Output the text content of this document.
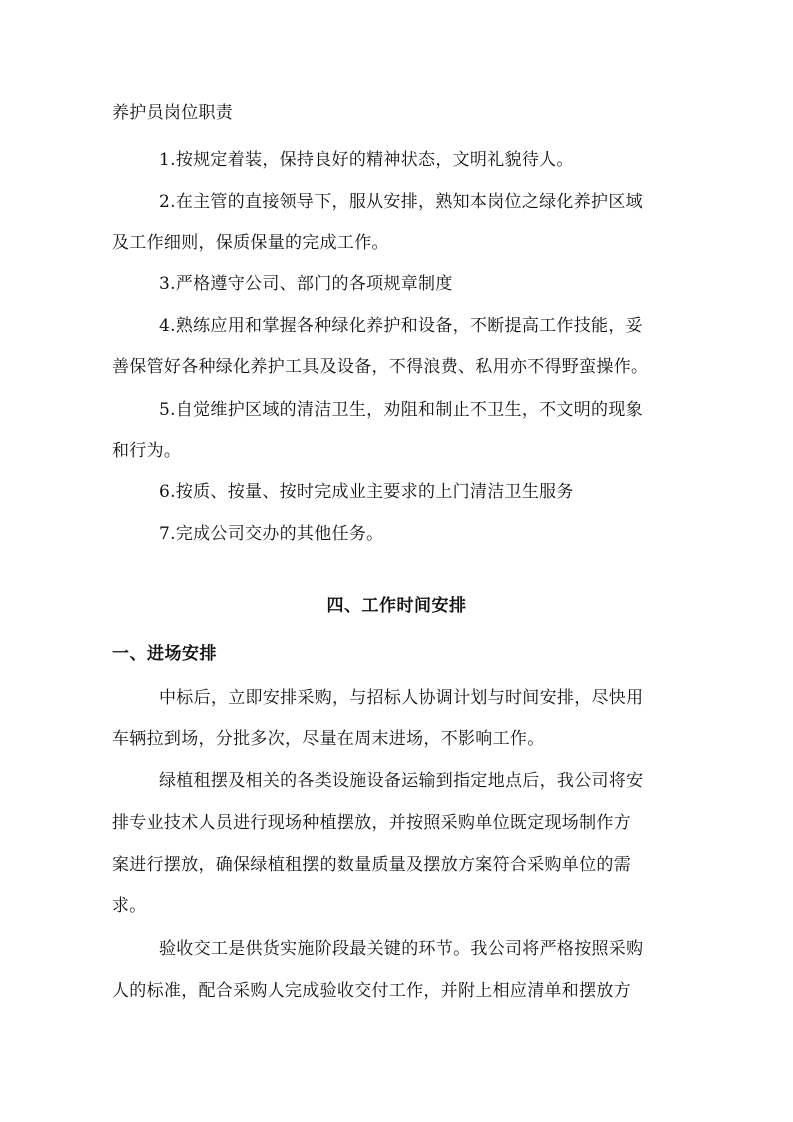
养护员岗位职责
1.按规定着装，保持良好的精神状态，文明礼貌待人。
2.在主管的直接领导下，服从安排，熟知本岗位之绿化养护区域
及工作细则，保质保量的完成工作。
3.严格遵守公司、部门的各项规章制度
4.熟练应用和掌握各种绿化养护和设备，不断提高工作技能，妥
善保管好各种绿化养护工具及设备，不得浪费、私用亦不得野蛮操作。
5.自觉维护区域的清洁卫生，劝阻和制止不卫生，不文明的现象
和行为。
6.按质、按量、按时完成业主要求的上门清洁卫生服务
7.完成公司交办的其他任务。
四、工作时间安排
一、进场安排
中标后，立即安排采购，与招标人协调计划与时间安排，尽快用
车辆拉到场，分批多次，尽量在周末进场，不影响工作。
绿植租摆及相关的各类设施设备运输到指定地点后，我公司将安
排专业技术人员进行现场种植摆放，并按照采购单位既定现场制作方
案进行摆放，确保绿植租摆的数量质量及摆放方案符合采购单位的需
求。
验收交工是供货实施阶段最关键的环节。我公司将严格按照采购
人的标准，配合采购人完成验收交付工作，并附上相应清单和摆放方
